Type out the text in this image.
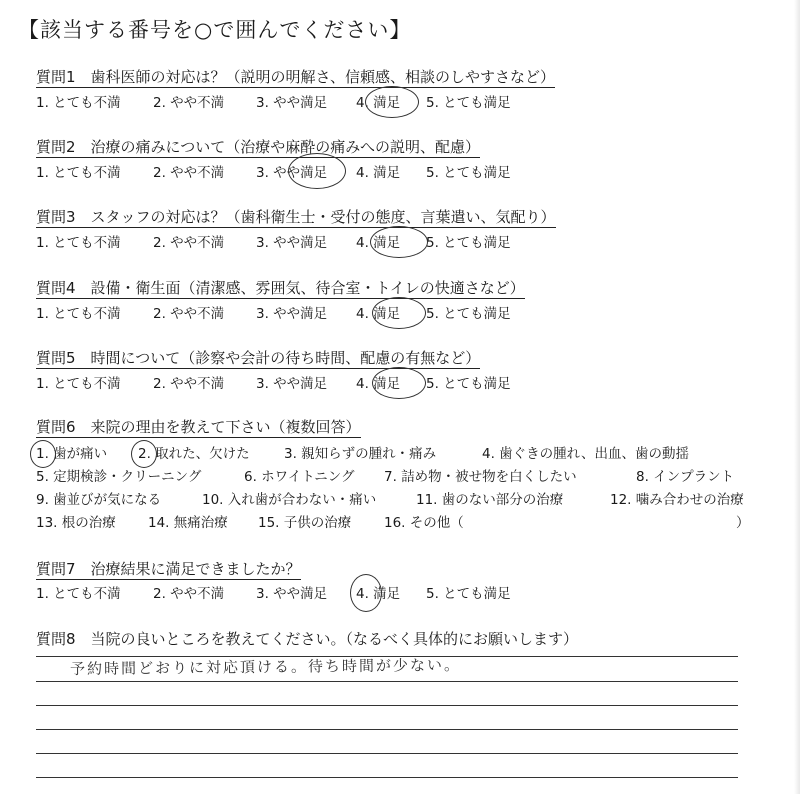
【該当する番号を○で囲んでください】
質問1　歯科医師の対応は？（説明の明解さ、信頼感、相談のしやすさなど）
1. とても不満 2. やや不満 3. やや満足 4. 満足 5. とても満足
質問2　治療の痛みについて（治療や麻酔の痛みへの説明、配慮）
1. とても不満 2. やや不満 3. やや満足 4. 満足 5. とても満足
質問3　スタッフの対応は？（歯科衛生士・受付の態度、言葉遣い、気配り）
1. とても不満 2. やや不満 3. やや満足 4. 満足 5. とても満足
質問4　設備・衛生面（清潔感、雰囲気、待合室・トイレの快適さなど）
1. とても不満 2. やや不満 3. やや満足 4. 満足 5. とても満足
質問5　時間について（診察や会計の待ち時間、配慮の有無など）
1. とても不満 2. やや不満 3. やや満足 4. 満足 5. とても満足
質問6　来院の理由を教えて下さい（複数回答）
1. 歯が痛い 2. 取れた、欠けた	3. 親知らずの腫れ・痛み	4. 歯ぐきの腫れ、出血、歯の動揺
5. 定期検診・クリーニング	6. ホワイトニング 7. 詰め物・被せ物を白くしたい	8. インプラント
9. 歯並びが気になる	10. 入れ歯が合わない・痛い	11. 歯のない部分の治療	12. 噛み合わせの治療
13. 根の治療 14. 無痛治療 15. 子供の治療 16. その他（	）
質問7　治療結果に満足できましたか？
1. とても不満 2. やや不満 3. やや満足 4. 満足 5. とても満足
質問8　当院の良いところを教えてください。（なるべく具体的にお願いします）
予約時間どおりに対応頂ける。待ち時間が少ない。
